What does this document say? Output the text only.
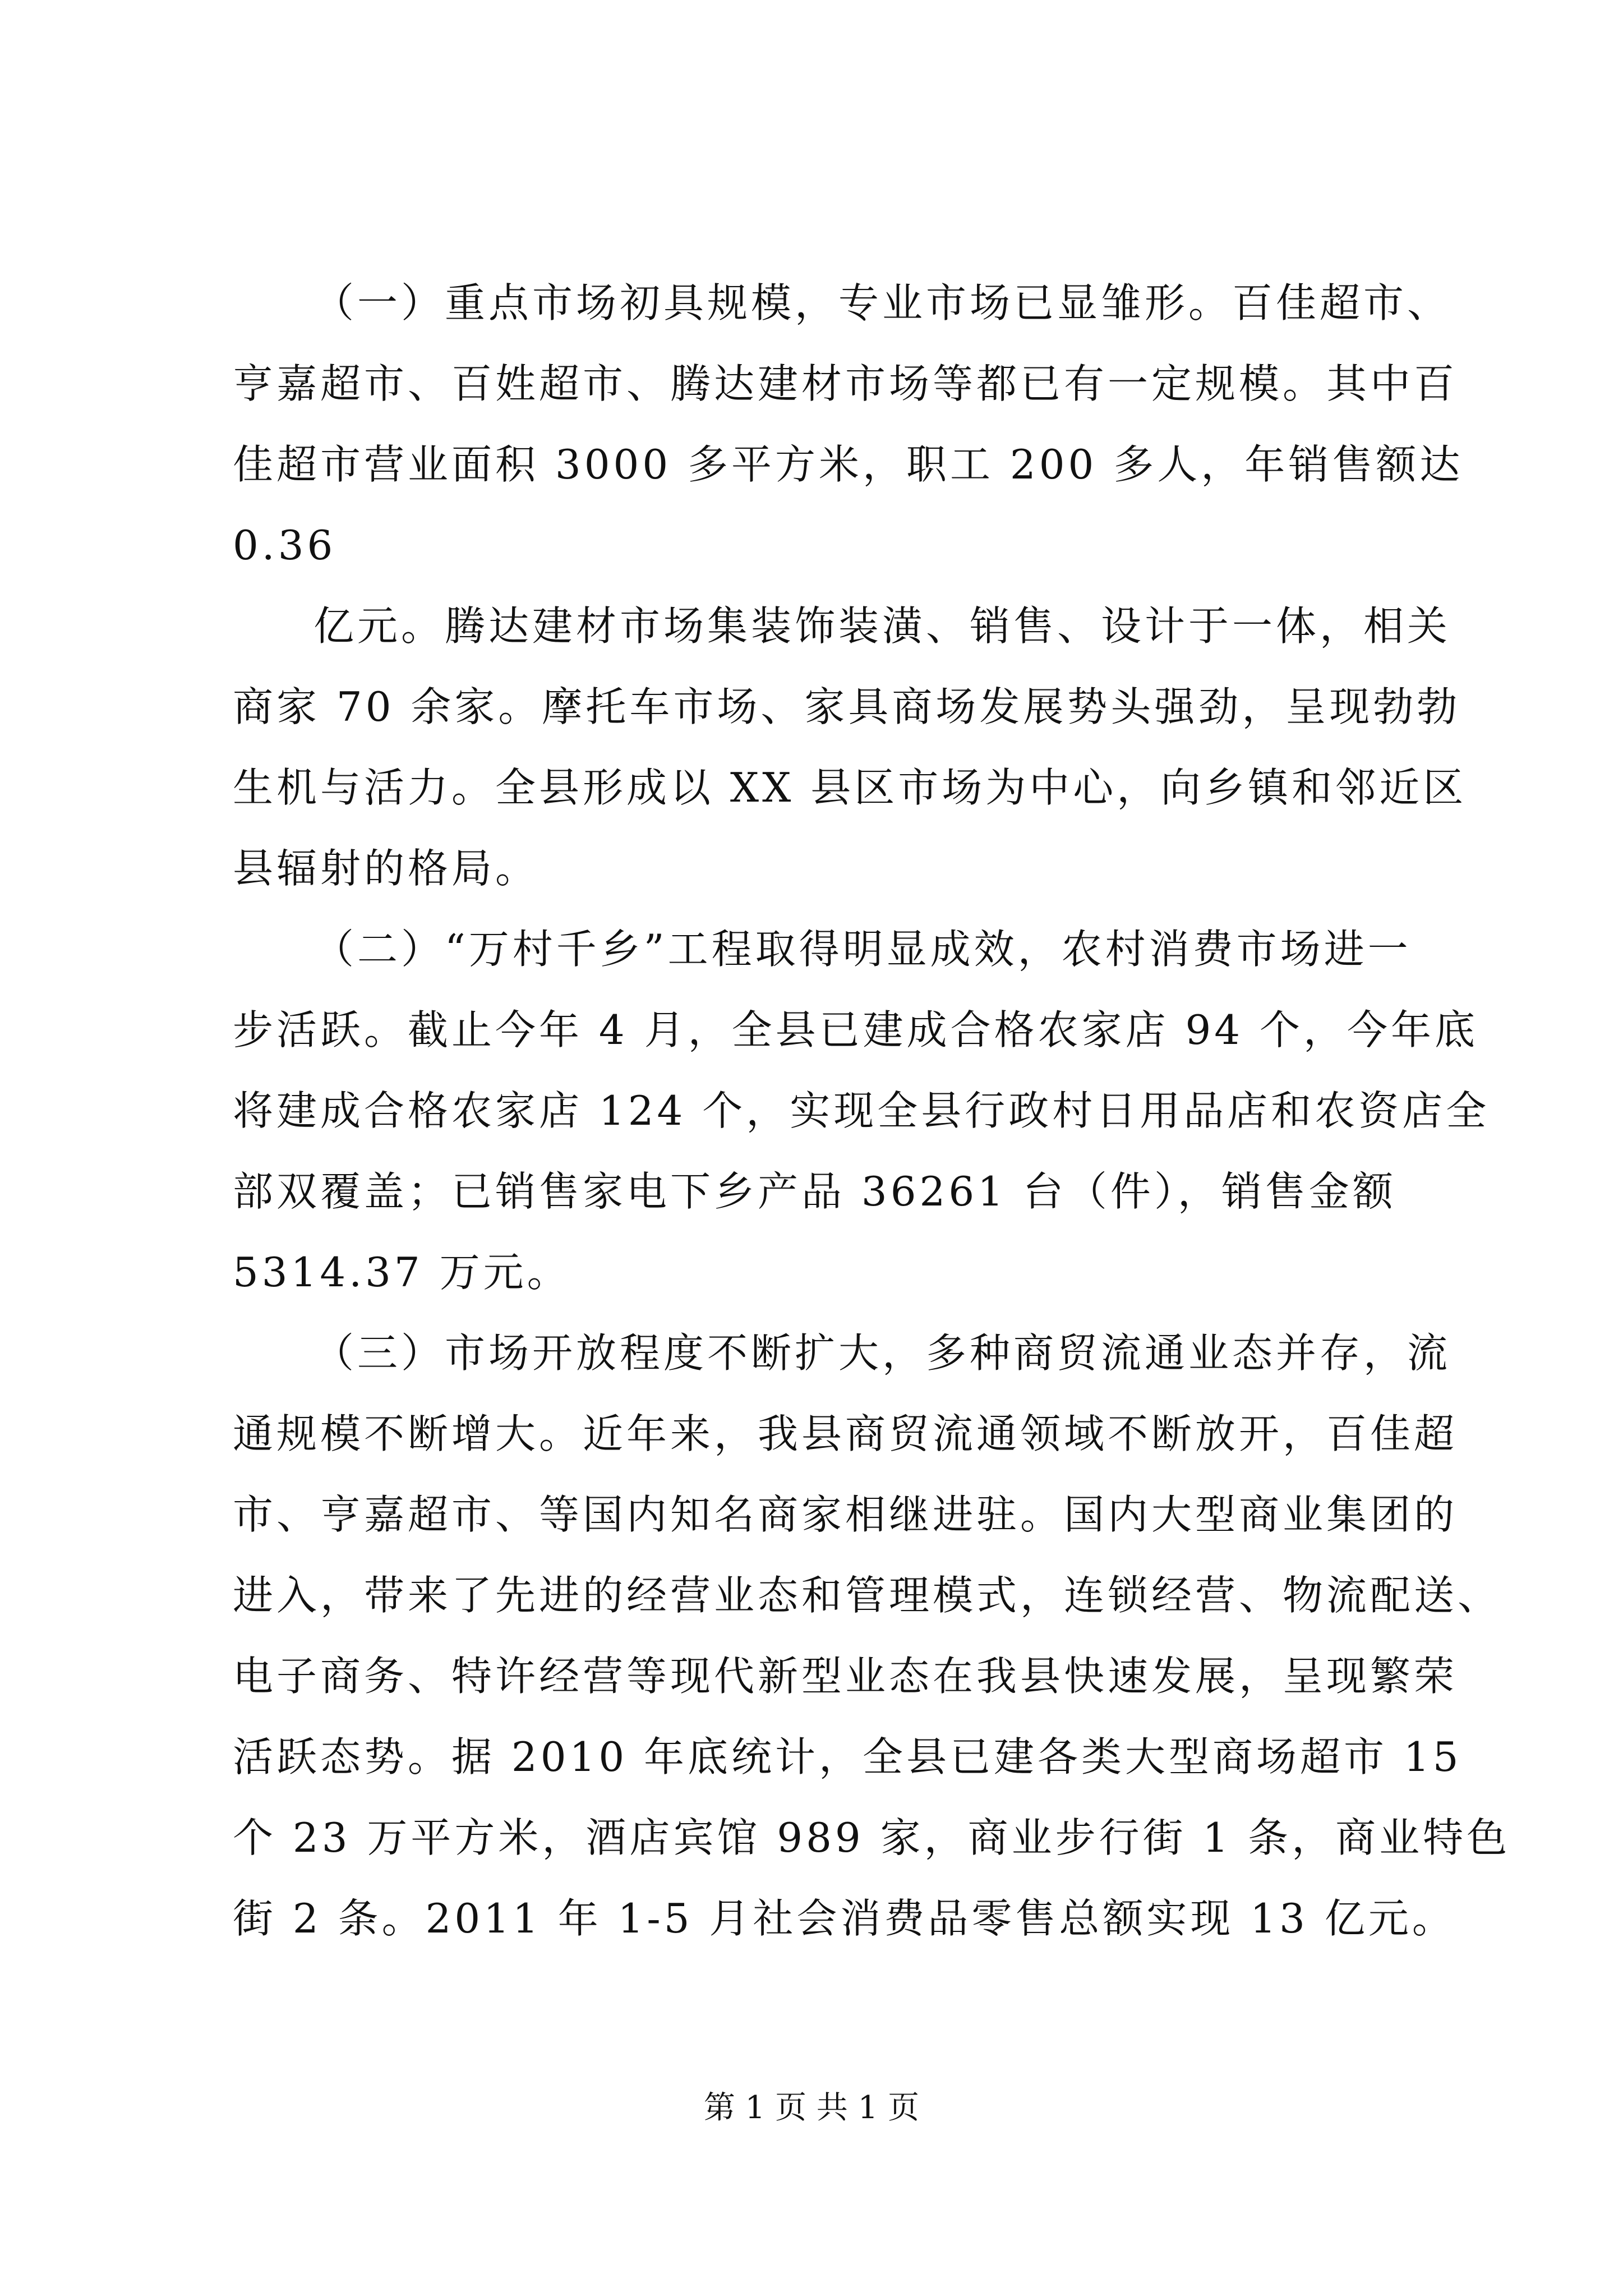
（一）重点市场初具规模，专业市场已显雏形。百佳超市、
亨嘉超市、百姓超市、腾达建材市场等都已有一定规模。其中百
佳超市营业面积 3000 多平方米，职工 200 多人，年销售额达
0.36
亿元。腾达建材市场集装饰装潢、销售、设计于一体，相关
商家 70 余家。摩托车市场、家具商场发展势头强劲，呈现勃勃
生机与活力。全县形成以 XX 县区市场为中心，向乡镇和邻近区
县辐射的格局。
（二）“万村千乡”工程取得明显成效，农村消费市场进一
步活跃。截止今年 4 月，全县已建成合格农家店 94 个，今年底
将建成合格农家店 124 个，实现全县行政村日用品店和农资店全
部双覆盖；已销售家电下乡产品 36261 台（件），销售金额
5314.37 万元。
（三）市场开放程度不断扩大，多种商贸流通业态并存，流
通规模不断增大。近年来，我县商贸流通领域不断放开，百佳超
市、亨嘉超市、等国内知名商家相继进驻。国内大型商业集团的
进入，带来了先进的经营业态和管理模式，连锁经营、物流配送、
电子商务、特许经营等现代新型业态在我县快速发展，呈现繁荣
活跃态势。据 2010 年底统计，全县已建各类大型商场超市 15
个 23 万平方米，酒店宾馆 989 家，商业步行街 1 条，商业特色
街 2 条。2011 年 1-5 月社会消费品零售总额实现 13 亿元。
第 1 页 共 1 页
